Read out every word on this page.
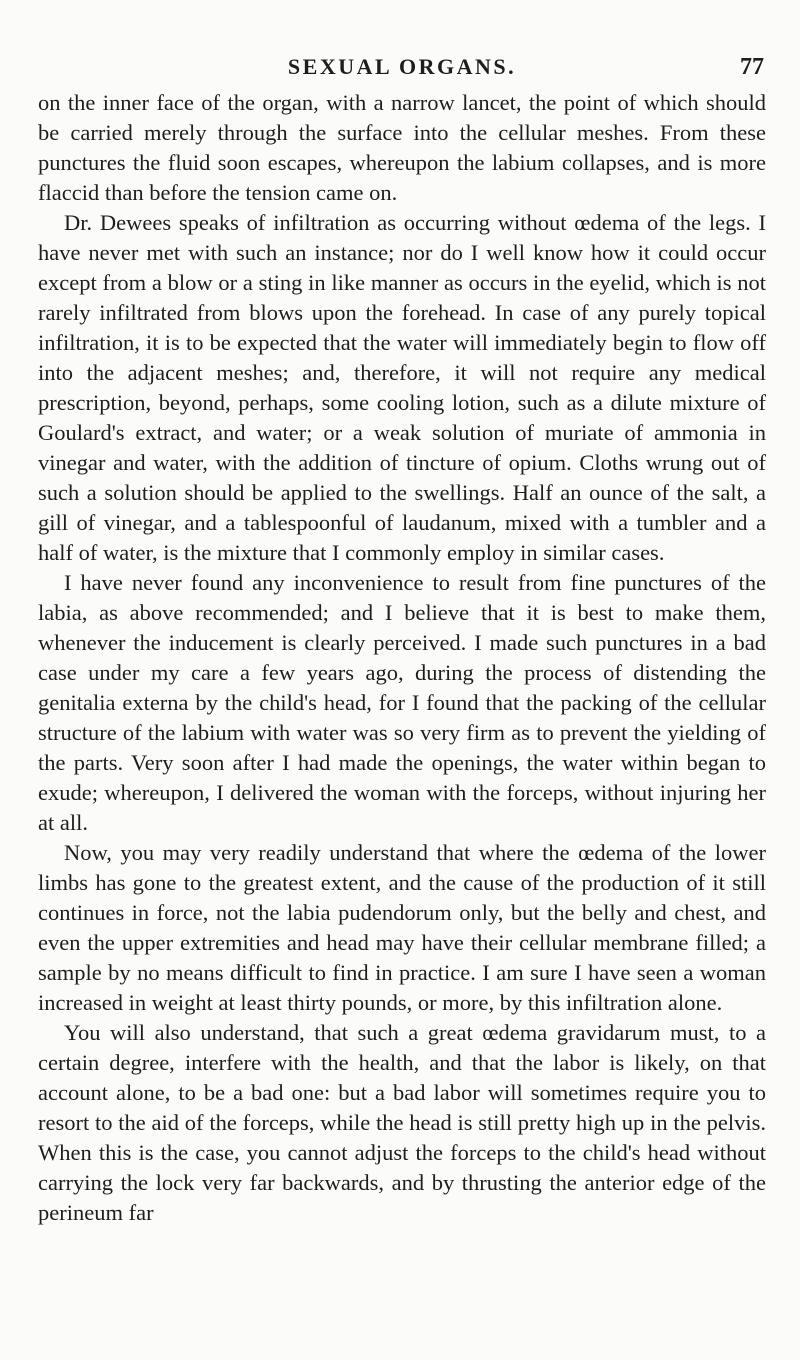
SEXUAL ORGANS.	77

on the inner face of the organ, with a narrow lancet, the point of which should be carried merely through the surface into the cellular meshes. From these punctures the fluid soon escapes, whereupon the labium collapses, and is more flaccid than before the tension came on.

Dr. Dewees speaks of infiltration as occurring without œdema of the legs. I have never met with such an instance; nor do I well know how it could occur except from a blow or a sting in like manner as occurs in the eyelid, which is not rarely infiltrated from blows upon the forehead. In case of any purely topical infiltration, it is to be expected that the water will immediately begin to flow off into the adjacent meshes; and, therefore, it will not require any medical prescription, beyond, perhaps, some cooling lotion, such as a dilute mixture of Goulard's extract, and water; or a weak solution of muriate of ammonia in vinegar and water, with the addition of tincture of opium. Cloths wrung out of such a solution should be applied to the swellings. Half an ounce of the salt, a gill of vinegar, and a tablespoonful of laudanum, mixed with a tumbler and a half of water, is the mixture that I commonly employ in similar cases.

I have never found any inconvenience to result from fine punctures of the labia, as above recommended; and I believe that it is best to make them, whenever the inducement is clearly perceived. I made such punctures in a bad case under my care a few years ago, during the process of distending the genitalia externa by the child's head, for I found that the packing of the cellular structure of the labium with water was so very firm as to prevent the yielding of the parts. Very soon after I had made the openings, the water within began to exude; whereupon, I delivered the woman with the forceps, without injuring her at all.

Now, you may very readily understand that where the œdema of the lower limbs has gone to the greatest extent, and the cause of the production of it still continues in force, not the labia pudendorum only, but the belly and chest, and even the upper extremities and head may have their cellular membrane filled; a sample by no means difficult to find in practice. I am sure I have seen a woman increased in weight at least thirty pounds, or more, by this infiltration alone.

You will also understand, that such a great œdema gravidarum must, to a certain degree, interfere with the health, and that the labor is likely, on that account alone, to be a bad one: but a bad labor will sometimes require you to resort to the aid of the forceps, while the head is still pretty high up in the pelvis. When this is the case, you cannot adjust the forceps to the child's head without carrying the lock very far backwards, and by thrusting the anterior edge of the perineum far
